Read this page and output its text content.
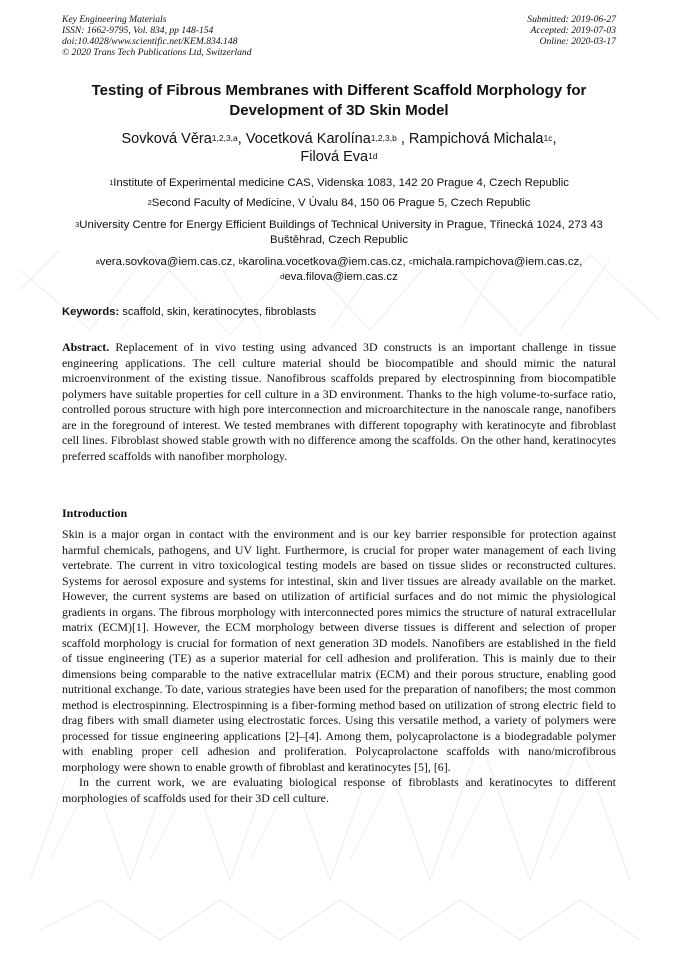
Key Engineering Materials
ISSN: 1662-9795, Vol. 834, pp 148-154
doi:10.4028/www.scientific.net/KEM.834.148
© 2020 Trans Tech Publications Ltd, Switzerland
Submitted: 2019-06-27
Accepted: 2019-07-03
Online: 2020-03-17
Testing of Fibrous Membranes with Different Scaffold Morphology for
Development of 3D Skin Model
Sovková Věra$^{1,2,3,a}$, Vocetková Karolína$^{1,2,3,b}$ , Rampichová Michala$^{1c}$,
Filová Eva$^{1d}$
$^1$Institute of Experimental medicine CAS, Videnska 1083, 142 20 Prague 4, Czech Republic
$^2$Second Faculty of Medicine, V Úvalu 84, 150 06 Prague 5, Czech Republic
$^3$University Centre for Energy Efficient Buildings of Technical University in Prague, Třinecká 1024, 273 43 Buštěhrad, Czech Republic
$^a$vera.sovkova@iem.cas.cz, $^b$karolina.vocetkova@iem.cas.cz, $^c$michala.rampichova@iem.cas.cz,
$^d$eva.filova@iem.cas.cz
Keywords: scaffold, skin, keratinocytes, fibroblasts
Abstract. Replacement of in vivo testing using advanced 3D constructs is an important challenge in tissue engineering applications. The cell culture material should be biocompatible and should mimic the natural microenvironment of the existing tissue. Nanofibrous scaffolds prepared by electrospinning from biocompatible polymers have suitable properties for cell culture in a 3D environment. Thanks to the high volume-to-surface ratio, controlled porous structure with high pore interconnection and microarchitecture in the nanoscale range, nanofibers are in the foreground of interest. We tested membranes with different topography with keratinocyte and fibroblast cell lines. Fibroblast showed stable growth with no difference among the scaffolds. On the other hand, keratinocytes preferred scaffolds with nanofiber morphology.
Introduction

Skin is a major organ in contact with the environment and is our key barrier responsible for protection against harmful chemicals, pathogens, and UV light. Furthermore, is crucial for proper water management of each living vertebrate. The current in vitro toxicological testing models are based on tissue slides or reconstructed cultures. Systems for aerosol exposure and systems for intestinal, skin and liver tissues are already available on the market. However, the current systems are based on utilization of artificial surfaces and do not mimic the physiological gradients in organs. The fibrous morphology with interconnected pores mimics the structure of natural extracellular matrix (ECM)[1]. However, the ECM morphology between diverse tissues is different and selection of proper scaffold morphology is crucial for formation of next generation 3D models. Nanofibers are established in the field of tissue engineering (TE) as a superior material for cell adhesion and proliferation. This is mainly due to their dimensions being comparable to the native extracellular matrix (ECM) and their porous structure, enabling good nutritional exchange. To date, various strategies have been used for the preparation of nanofibers; the most common method is electrospinning. Electrospinning is a fiber-forming method based on utilization of strong electric field to drag fibers with small diameter using electrostatic forces. Using this versatile method, a variety of polymers were processed for tissue engineering applications [2]–[4]. Among them, polycaprolactone is a biodegradable polymer with enabling proper cell adhesion and proliferation. Polycaprolactone scaffolds with nano/microfibrous morphology were shown to enable growth of fibroblast and keratinocytes [5], [6].

In the current work, we are evaluating biological response of fibroblasts and keratinocytes to different morphologies of scaffolds used for their 3D cell culture.
